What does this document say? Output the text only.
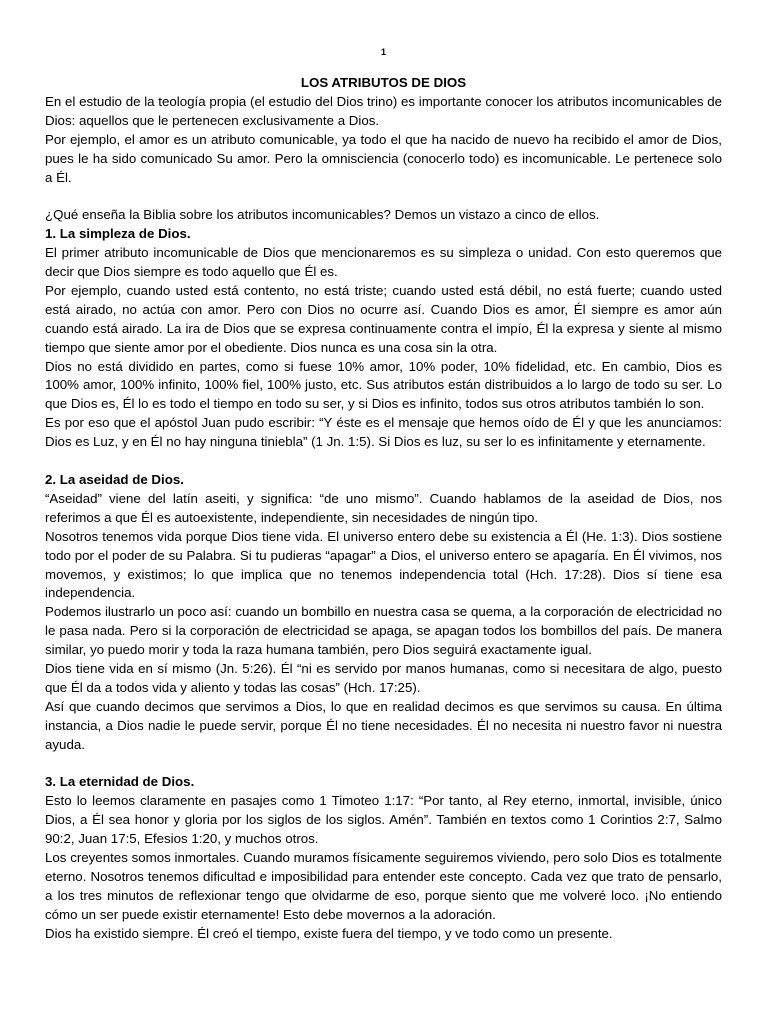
1
LOS ATRIBUTOS DE DIOS

En el estudio de la teología propia (el estudio del Dios trino) es importante conocer los atributos incomunicables de Dios: aquellos que le pertenecen exclusivamente a Dios.

Por ejemplo, el amor es un atributo comunicable, ya todo el que ha nacido de nuevo ha recibido el amor de Dios, pues le ha sido comunicado Su amor. Pero la omnisciencia (conocerlo todo) es incomunicable. Le pertenece solo a Él.

¿Qué enseña la Biblia sobre los atributos incomunicables? Demos un vistazo a cinco de ellos.

1. La simpleza de Dios.

El primer atributo incomunicable de Dios que mencionaremos es su simpleza o unidad. Con esto queremos que decir que Dios siempre es todo aquello que Él es.

Por ejemplo, cuando usted está contento, no está triste; cuando usted está débil, no está fuerte; cuando usted está airado, no actúa con amor. Pero con Dios no ocurre así. Cuando Dios es amor, Él siempre es amor aún cuando está airado. La ira de Dios que se expresa continuamente contra el impío, Él la expresa y siente al mismo tiempo que siente amor por el obediente. Dios nunca es una cosa sin la otra.

Dios no está dividido en partes, como si fuese 10% amor, 10% poder, 10% fidelidad, etc. En cambio, Dios es 100% amor, 100% infinito, 100% fiel, 100% justo, etc. Sus atributos están distribuidos a lo largo de todo su ser. Lo que Dios es, Él lo es todo el tiempo en todo su ser, y si Dios es infinito, todos sus otros atributos también lo son.

Es por eso que el apóstol Juan pudo escribir: “Y éste es el mensaje que hemos oído de Él y que les anunciamos: Dios es Luz, y en Él no hay ninguna tiniebla” (1 Jn. 1:5). Si Dios es luz, su ser lo es infinitamente y eternamente.

2. La aseidad de Dios.

“Aseidad” viene del latín aseiti, y significa: “de uno mismo”. Cuando hablamos de la aseidad de Dios, nos referimos a que Él es autoexistente, independiente, sin necesidades de ningún tipo.

Nosotros tenemos vida porque Dios tiene vida. El universo entero debe su existencia a Él (He. 1:3). Dios sostiene todo por el poder de su Palabra. Si tu pudieras “apagar” a Dios, el universo entero se apagaría. En Él vivimos, nos movemos, y existimos; lo que implica que no tenemos independencia total (Hch. 17:28). Dios sí tiene esa independencia.

Podemos ilustrarlo un poco así: cuando un bombillo en nuestra casa se quema, a la corporación de electricidad no le pasa nada. Pero si la corporación de electricidad se apaga, se apagan todos los bombillos del país. De manera similar, yo puedo morir y toda la raza humana también, pero Dios seguirá exactamente igual.

Dios tiene vida en sí mismo (Jn. 5:26). Él “ni es servido por manos humanas, como si necesitara de algo, puesto que Él da a todos vida y aliento y todas las cosas” (Hch. 17:25).

Así que cuando decimos que servimos a Dios, lo que en realidad decimos es que servimos su causa. En última instancia, a Dios nadie le puede servir, porque Él no tiene necesidades. Él no necesita ni nuestro favor ni nuestra ayuda.

3. La eternidad de Dios.

Esto lo leemos claramente en pasajes como 1 Timoteo 1:17: “Por tanto, al Rey eterno, inmortal, invisible, único Dios, a Él sea honor y gloria por los siglos de los siglos. Amén”. También en textos como 1 Corintios 2:7, Salmo 90:2, Juan 17:5, Efesios 1:20, y muchos otros.

Los creyentes somos inmortales. Cuando muramos físicamente seguiremos viviendo, pero solo Dios es totalmente eterno. Nosotros tenemos dificultad e imposibilidad para entender este concepto. Cada vez que trato de pensarlo, a los tres minutos de reflexionar tengo que olvidarme de eso, porque siento que me volveré loco. ¡No entiendo cómo un ser puede existir eternamente! Esto debe movernos a la adoración.

Dios ha existido siempre. Él creó el tiempo, existe fuera del tiempo, y ve todo como un presente.
